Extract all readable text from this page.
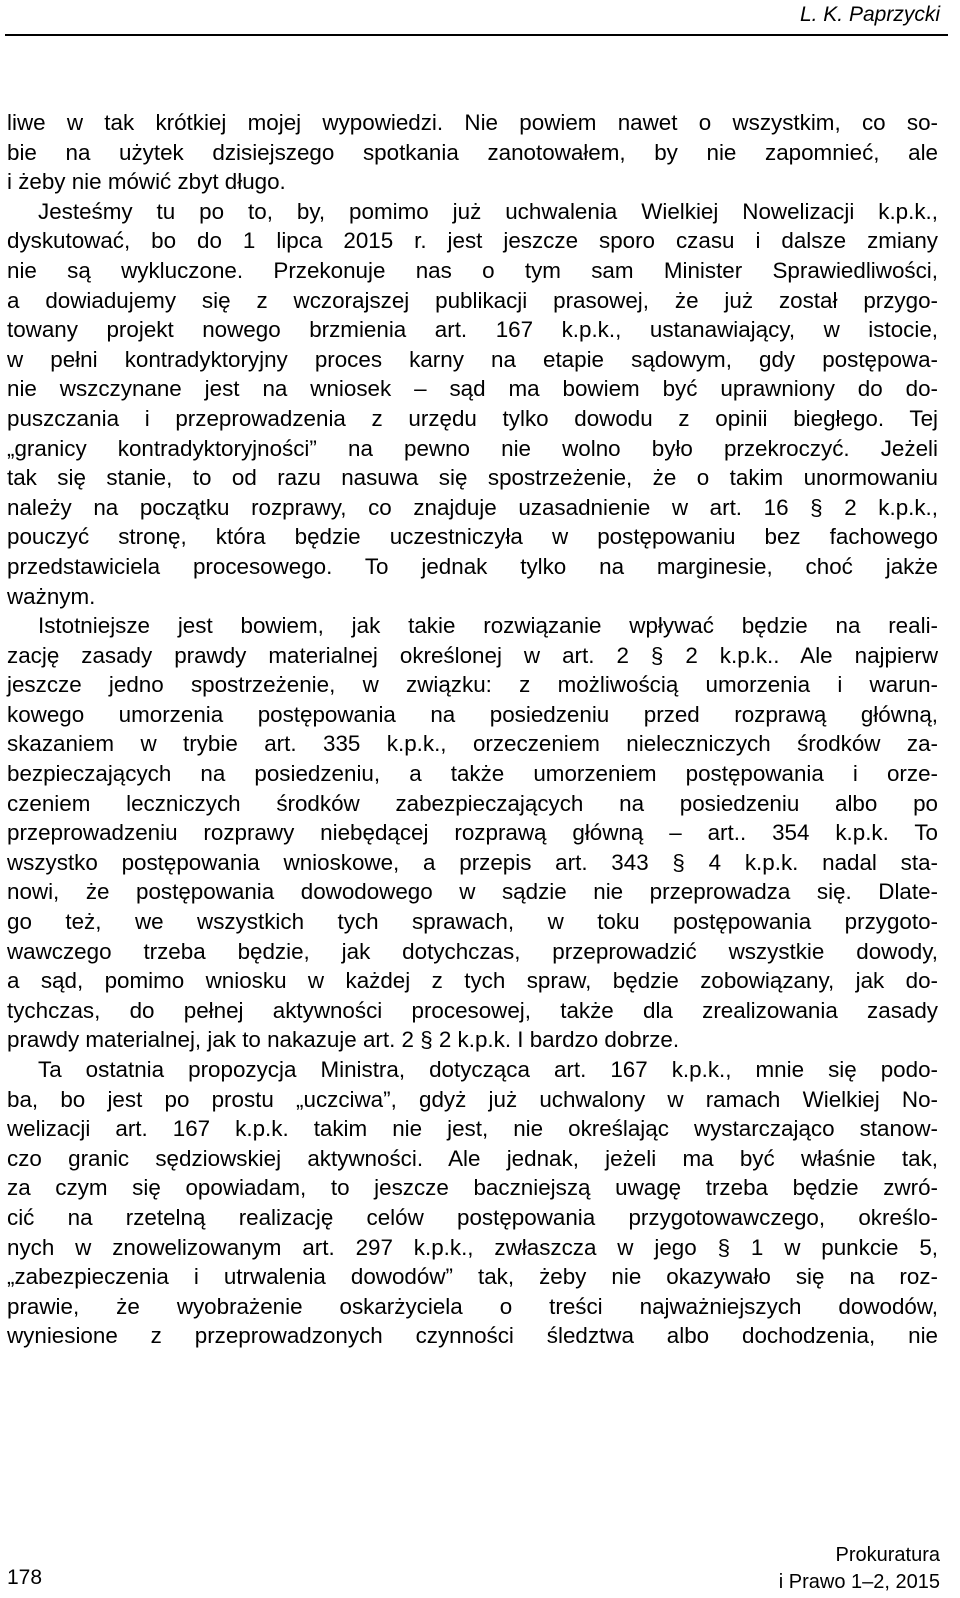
L. K. Paprzycki
liwe w tak krótkiej mojej wypowiedzi. Nie powiem nawet o wszystkim, co so-
bie na użytek dzisiejszego spotkania zanotowałem, by nie zapomnieć, ale
i żeby nie mówić zbyt długo.
Jesteśmy tu po to, by, pomimo już uchwalenia Wielkiej Nowelizacji k.p.k.,
dyskutować, bo do 1 lipca 2015 r. jest jeszcze sporo czasu i dalsze zmiany
nie są wykluczone. Przekonuje nas o tym sam Minister Sprawiedliwości,
a dowiadujemy się z wczorajszej publikacji prasowej, że już został przygo-
towany projekt nowego brzmienia art. 167 k.p.k., ustanawiający, w istocie,
w pełni kontradyktoryjny proces karny na etapie sądowym, gdy postępowa-
nie wszczynane jest na wniosek – sąd ma bowiem być uprawniony do do-
puszczania i przeprowadzenia z urzędu tylko dowodu z opinii biegłego. Tej
„granicy kontradyktoryjności” na pewno nie wolno było przekroczyć. Jeżeli
tak się stanie, to od razu nasuwa się spostrzeżenie, że o takim unormowaniu
należy na początku rozprawy, co znajduje uzasadnienie w art. 16 § 2 k.p.k.,
pouczyć stronę, która będzie uczestniczyła w postępowaniu bez fachowego
przedstawiciela procesowego. To jednak tylko na marginesie, choć jakże
ważnym.
Istotniejsze jest bowiem, jak takie rozwiązanie wpływać będzie na reali-
zację zasady prawdy materialnej określonej w art. 2 § 2 k.p.k.. Ale najpierw
jeszcze jedno spostrzeżenie, w związku: z możliwością umorzenia i warun-
kowego umorzenia postępowania na posiedzeniu przed rozprawą główną,
skazaniem w trybie art. 335 k.p.k., orzeczeniem nieleczniczych środków za-
bezpieczających na posiedzeniu, a także umorzeniem postępowania i orze-
czeniem leczniczych środków zabezpieczających na posiedzeniu albo po
przeprowadzeniu rozprawy niebędącej rozprawą główną – art.. 354 k.p.k. To
wszystko postępowania wnioskowe, a przepis art. 343 § 4 k.p.k. nadal sta-
nowi, że postępowania dowodowego w sądzie nie przeprowadza się. Dlate-
go też, we wszystkich tych sprawach, w toku postępowania przygoto-
wawczego trzeba będzie, jak dotychczas, przeprowadzić wszystkie dowody,
a sąd, pomimo wniosku w każdej z tych spraw, będzie zobowiązany, jak do-
tychczas, do pełnej aktywności procesowej, także dla zrealizowania zasady
prawdy materialnej, jak to nakazuje art. 2 § 2 k.p.k. I bardzo dobrze.
Ta ostatnia propozycja Ministra, dotycząca art. 167 k.p.k., mnie się podo-
ba, bo jest po prostu „uczciwa”, gdyż już uchwalony w ramach Wielkiej No-
welizacji art. 167 k.p.k. takim nie jest, nie określając wystarczająco stanow-
czo granic sędziowskiej aktywności. Ale jednak, jeżeli ma być właśnie tak,
za czym się opowiadam, to jeszcze baczniejszą uwagę trzeba będzie zwró-
cić na rzetelną realizację celów postępowania przygotowawczego, określo-
nych w znowelizowanym art. 297 k.p.k., zwłaszcza w jego § 1 w punkcie 5,
„zabezpieczenia i utrwalenia dowodów” tak, żeby nie okazywało się na roz-
prawie, że wyobrażenie oskarżyciela o treści najważniejszych dowodów,
wyniesione z przeprowadzonych czynności śledztwa albo dochodzenia, nie
178
Prokuratura
i Prawo 1–2, 2015
